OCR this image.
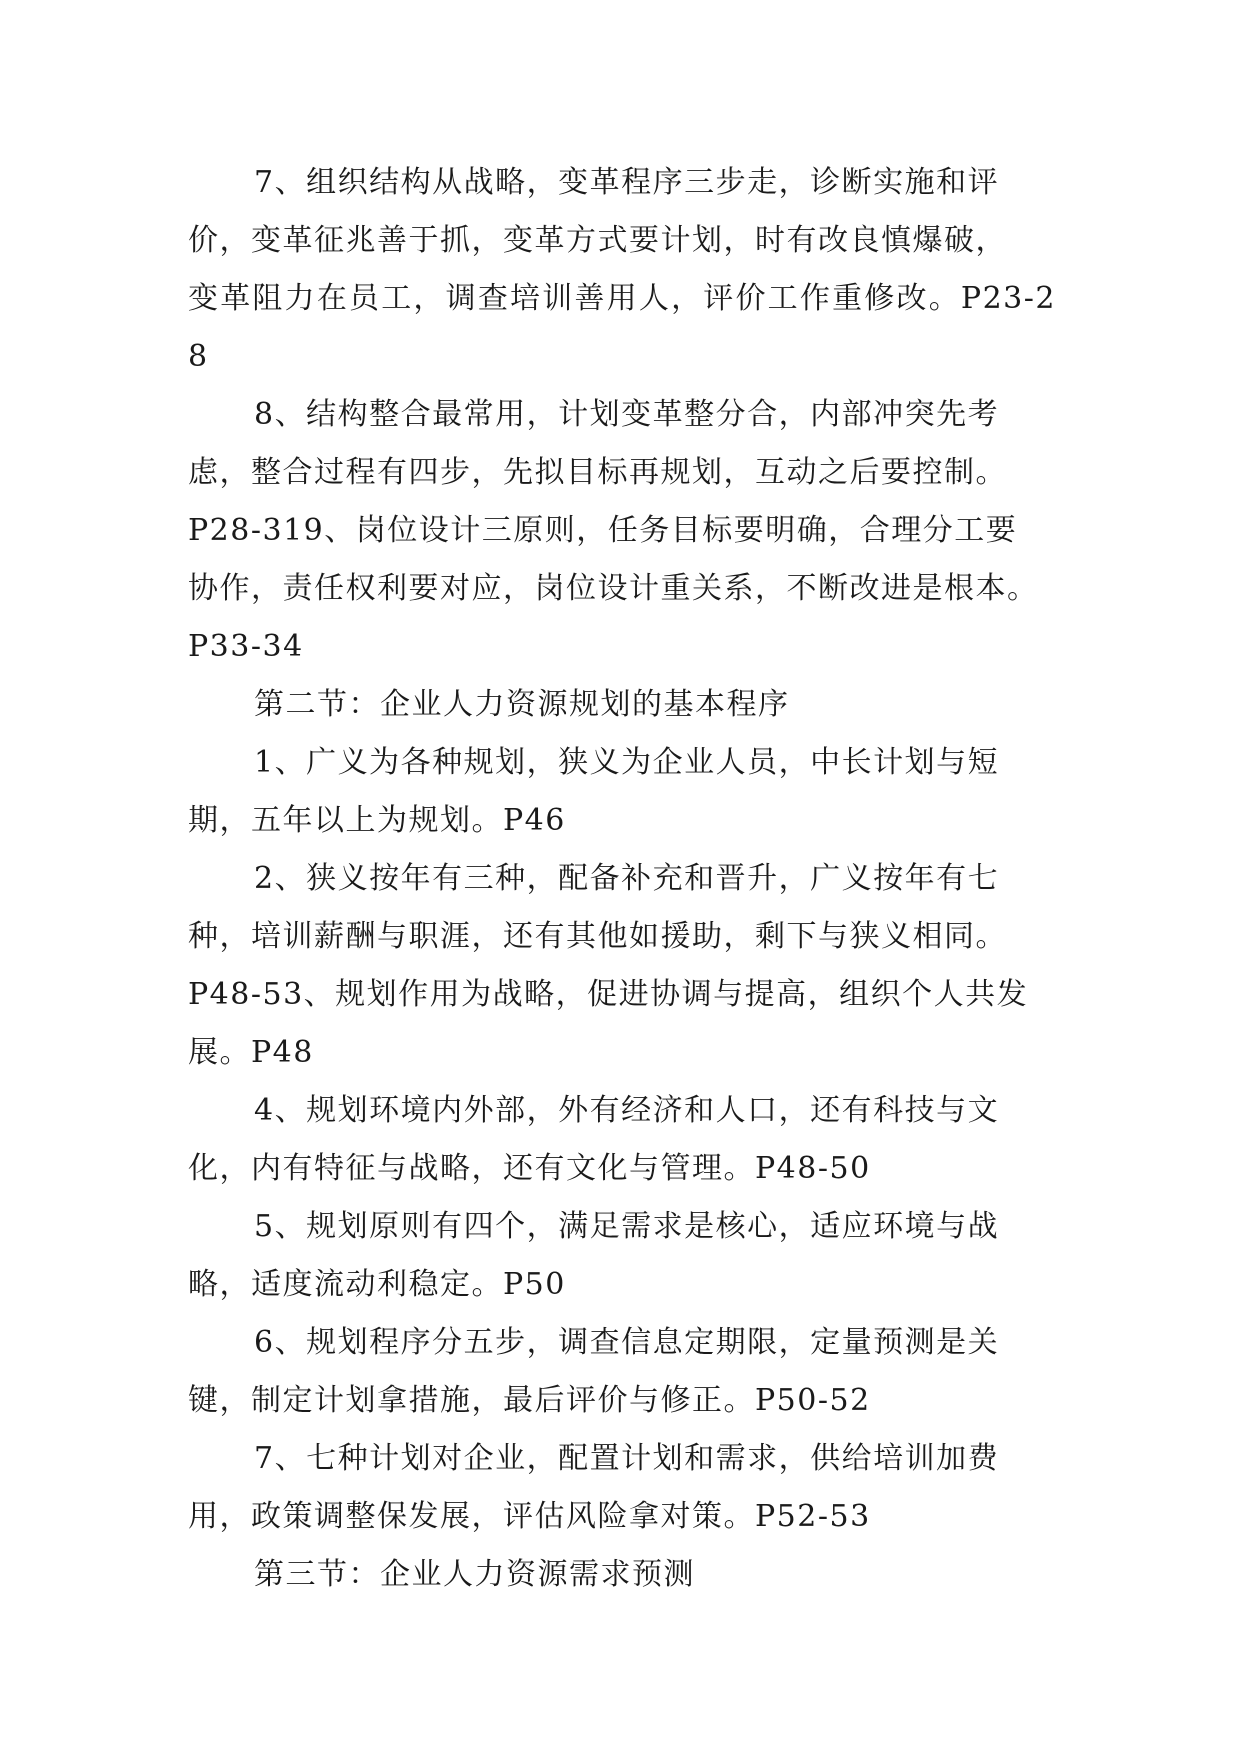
7、组织结构从战略，变革程序三步走，诊断实施和评
价，变革征兆善于抓，变革方式要计划，时有改良慎爆破，
变革阻力在员工，调查培训善用人，评价工作重修改。P23-28

8、结构整合最常用，计划变革整分合，内部冲突先考
虑，整合过程有四步，先拟目标再规划，互动之后要控制。
P28-319、岗位设计三原则，任务目标要明确，合理分工要
协作，责任权利要对应，岗位设计重关系，不断改进是根本。
P33-34

第二节：企业人力资源规划的基本程序

1、广义为各种规划，狭义为企业人员，中长计划与短
期，五年以上为规划。P46

2、狭义按年有三种，配备补充和晋升，广义按年有七
种，培训薪酬与职涯，还有其他如援助，剩下与狭义相同。
P48-53、规划作用为战略，促进协调与提高，组织个人共发
展。P48

4、规划环境内外部，外有经济和人口，还有科技与文
化，内有特征与战略，还有文化与管理。P48-50

5、规划原则有四个，满足需求是核心，适应环境与战
略，适度流动利稳定。P50

6、规划程序分五步，调查信息定期限，定量预测是关
键，制定计划拿措施，最后评价与修正。P50-52

7、七种计划对企业，配置计划和需求，供给培训加费
用，政策调整保发展，评估风险拿对策。P52-53

第三节：企业人力资源需求预测
